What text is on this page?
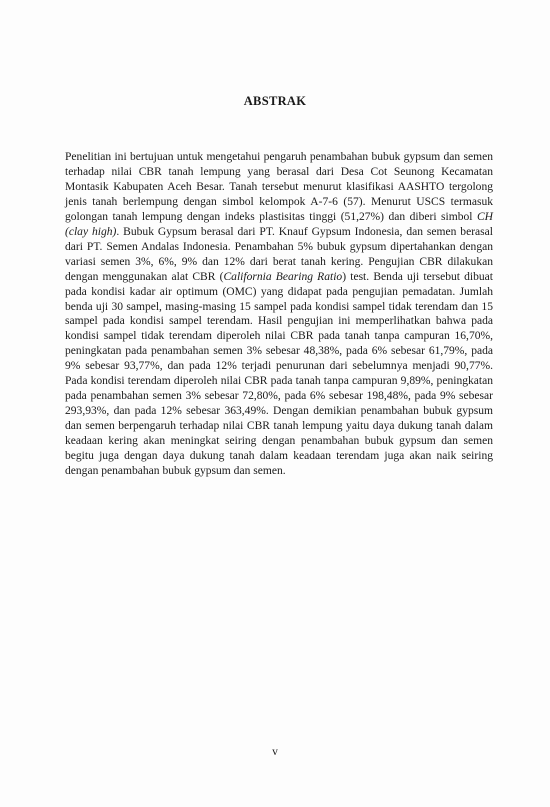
ABSTRAK

Penelitian ini bertujuan untuk mengetahui pengaruh penambahan bubuk gypsum dan semen terhadap nilai CBR tanah lempung yang berasal dari Desa Cot Seunong Kecamatan Montasik Kabupaten Aceh Besar. Tanah tersebut menurut klasifikasi AASHTO tergolong jenis tanah berlempung dengan simbol kelompok A-7-6 (57). Menurut USCS termasuk golongan tanah lempung dengan indeks plastisitas tinggi (51,27%) dan diberi simbol CH (clay high). Bubuk Gypsum berasal dari PT. Knauf Gypsum Indonesia, dan semen berasal dari PT. Semen Andalas Indonesia. Penambahan 5% bubuk gypsum dipertahankan dengan variasi semen 3%, 6%, 9% dan 12% dari berat tanah kering. Pengujian CBR dilakukan dengan menggunakan alat CBR (California Bearing Ratio) test. Benda uji tersebut dibuat pada kondisi kadar air optimum (OMC) yang didapat pada pengujian pemadatan. Jumlah benda uji 30 sampel, masing-masing 15 sampel pada kondisi sampel tidak terendam dan 15 sampel pada kondisi sampel terendam. Hasil pengujian ini memperlihatkan bahwa pada kondisi sampel tidak terendam diperoleh nilai CBR pada tanah tanpa campuran 16,70%, peningkatan pada penambahan semen 3% sebesar 48,38%, pada 6% sebesar 61,79%, pada 9% sebesar 93,77%, dan pada 12% terjadi penurunan dari sebelumnya menjadi 90,77%. Pada kondisi terendam diperoleh nilai CBR pada tanah tanpa campuran 9,89%, peningkatan pada penambahan semen 3% sebesar 72,80%, pada 6% sebesar 198,48%, pada 9% sebesar 293,93%, dan pada 12% sebesar 363,49%. Dengan demikian penambahan bubuk gypsum dan semen berpengaruh terhadap nilai CBR tanah lempung yaitu daya dukung tanah dalam keadaan kering akan meningkat seiring dengan penambahan bubuk gypsum dan semen begitu juga dengan daya dukung tanah dalam keadaan terendam juga akan naik seiring dengan penambahan bubuk gypsum dan semen.

v
